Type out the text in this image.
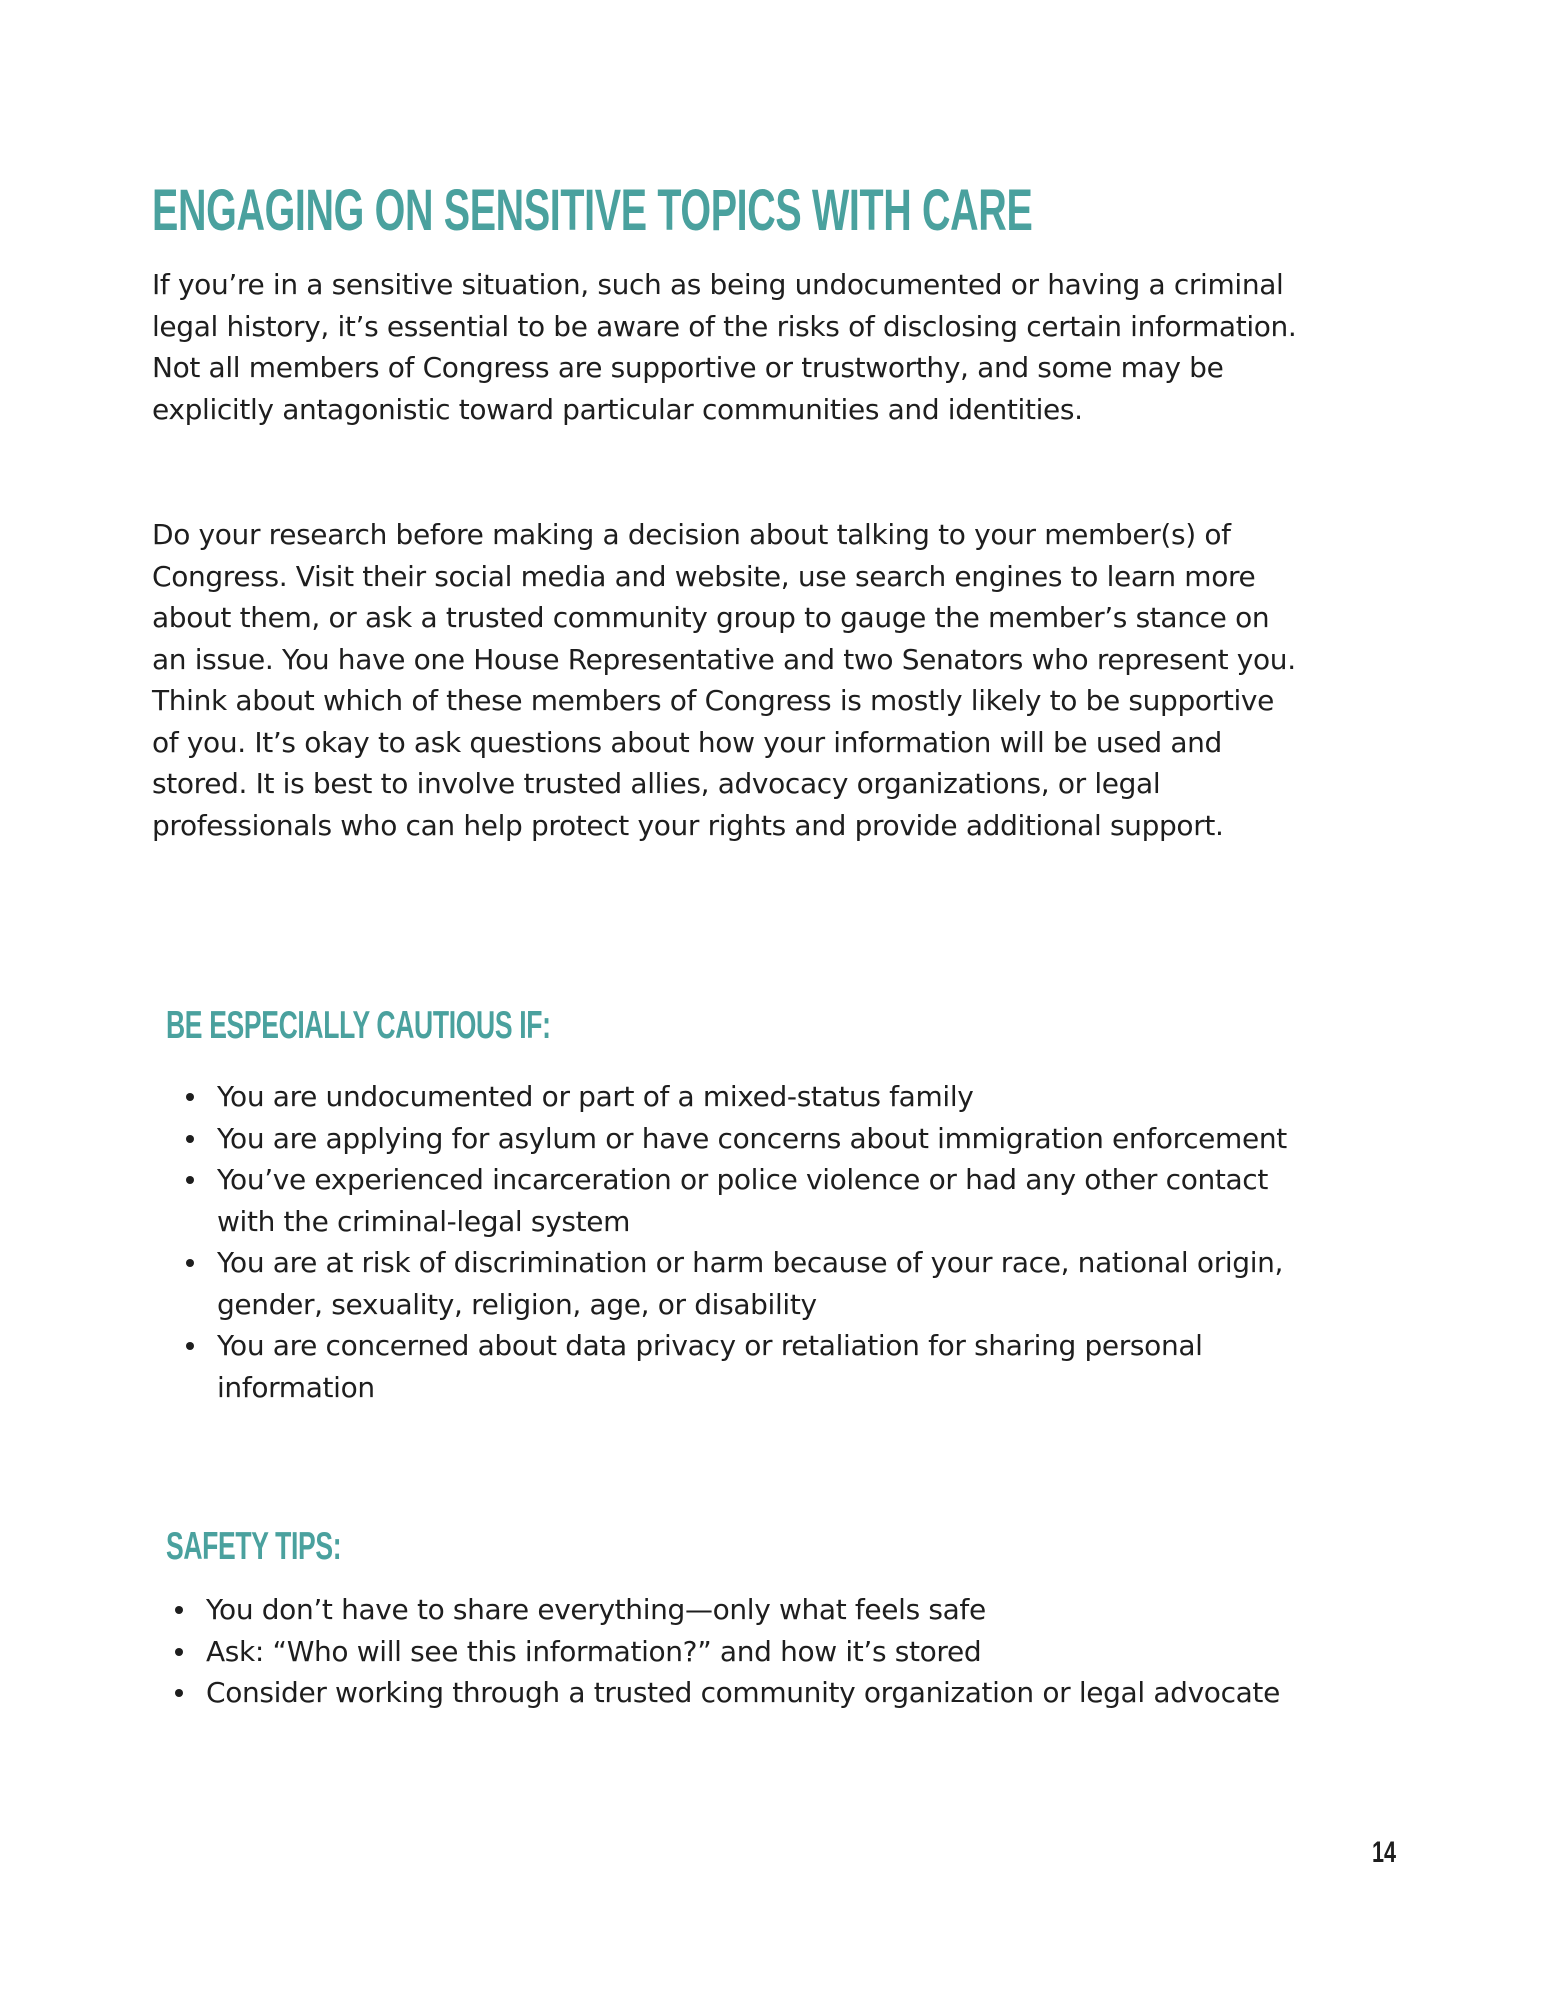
ENGAGING ON SENSITIVE TOPICS WITH CARE

If you’re in a sensitive situation, such as being undocumented or having a criminal legal history, it’s essential to be aware of the risks of disclosing certain information. Not all members of Congress are supportive or trustworthy, and some may be explicitly antagonistic toward particular communities and identities.

Do your research before making a decision about talking to your member(s) of Congress. Visit their social media and website, use search engines to learn more about them, or ask a trusted community group to gauge the member’s stance on an issue. You have one House Representative and two Senators who represent you. Think about which of these members of Congress is mostly likely to be supportive of you. It’s okay to ask questions about how your information will be used and stored. It is best to involve trusted allies, advocacy organizations, or legal professionals who can help protect your rights and provide additional support.

BE ESPECIALLY CAUTIOUS IF:
You are undocumented or part of a mixed-status family
You are applying for asylum or have concerns about immigration enforcement
You’ve experienced incarceration or police violence or had any other contact with the criminal-legal system
You are at risk of discrimination or harm because of your race, national origin, gender, sexuality, religion, age, or disability
You are concerned about data privacy or retaliation for sharing personal information
SAFETY TIPS:
You don’t have to share everything—only what feels safe
Ask: “Who will see this information?” and how it’s stored
Consider working through a trusted community organization or legal advocate

14
